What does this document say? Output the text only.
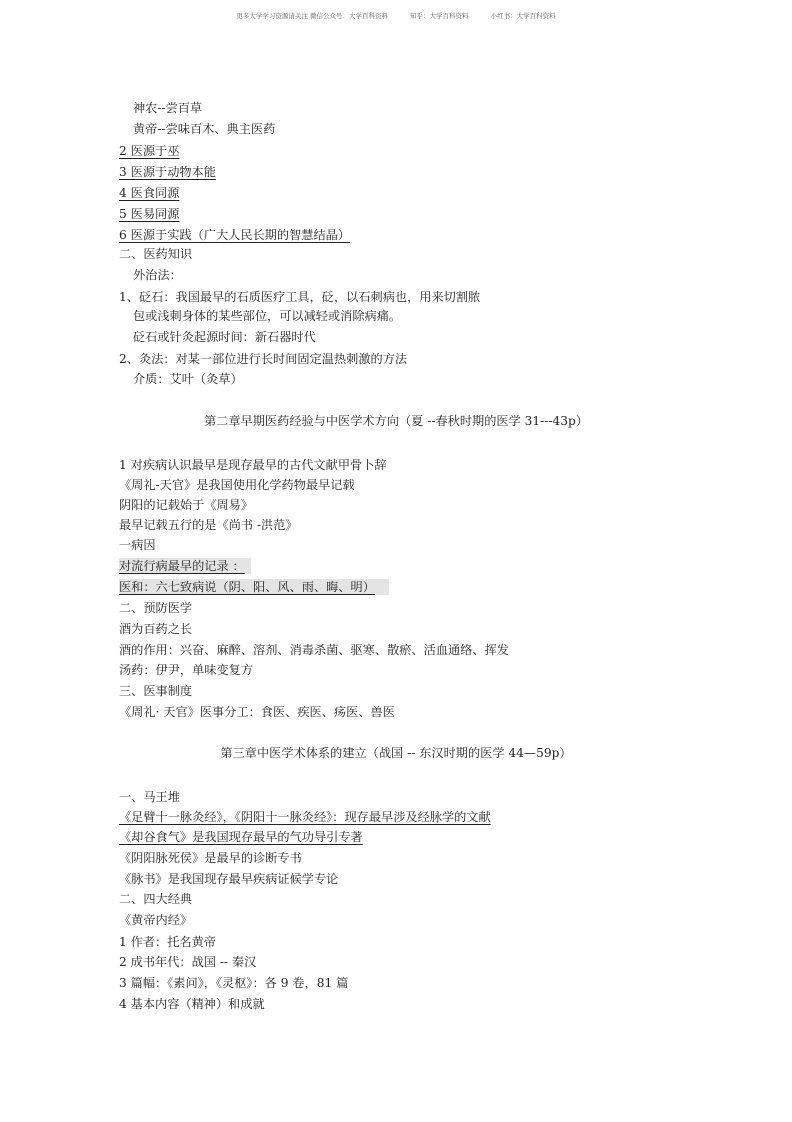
更多大学学习资源请关注 微信公众号：大学百科资料	知乎：大学百科资料	小红书：大学百科资料
神农--尝百草
黄帝--尝味百木、典主医药
2 医源于巫
3 医源于动物本能
4 医食同源
5 医易同源
6 医源于实践（广大人民长期的智慧结晶）
二、医药知识
外治法：
1、砭石：我国最早的石质医疗工具，砭，以石刺病也，用来切割脓
包或浅刺身体的某些部位，可以减轻或消除病痛。
砭石或针灸起源时间：新石器时代
2、灸法：对某一部位进行长时间固定温热刺激的方法
介质：艾叶（灸草）
第二章早期医药经验与中医学术方向（夏 --春秋时期的医学 31---43p）
1 对疾病认识最早是现存最早的古代文献甲骨卜辞
《周礼-天官》是我国使用化学药物最早记载
阴阳的记载始于《周易》
最早记载五行的是《尚书 -洪范》
一病因
对流行病最早的记录 ：
医和：六七致病说（阴、阳、风、雨、晦、明）
二、预防医学
酒为百药之长
酒的作用：兴奋、麻醉、溶剂、消毒杀菌、驱寒、散瘀、活血通络、挥发
汤药：伊尹，单味变复方
三、医事制度
《周礼· 天官》医事分工：食医、疾医、疡医、兽医
第三章中医学术体系的建立（战国 -- 东汉时期的医学 44—59p）
一、马王堆
《足臂十一脉灸经》，《阴阳十一脉灸经》：现存最早涉及经脉学的文献
《却谷食气》是我国现存最早的气功导引专著
《阴阳脉死侯》是最早的诊断专书
《脉书》是我国现存最早疾病证候学专论
二、四大经典
《黄帝内经》
1 作者：托名黄帝
2 成书年代：战国 -- 秦汉
3 篇幅：《素问》，《灵枢》：各 9 卷，81 篇
4 基本内容（精神）和成就
